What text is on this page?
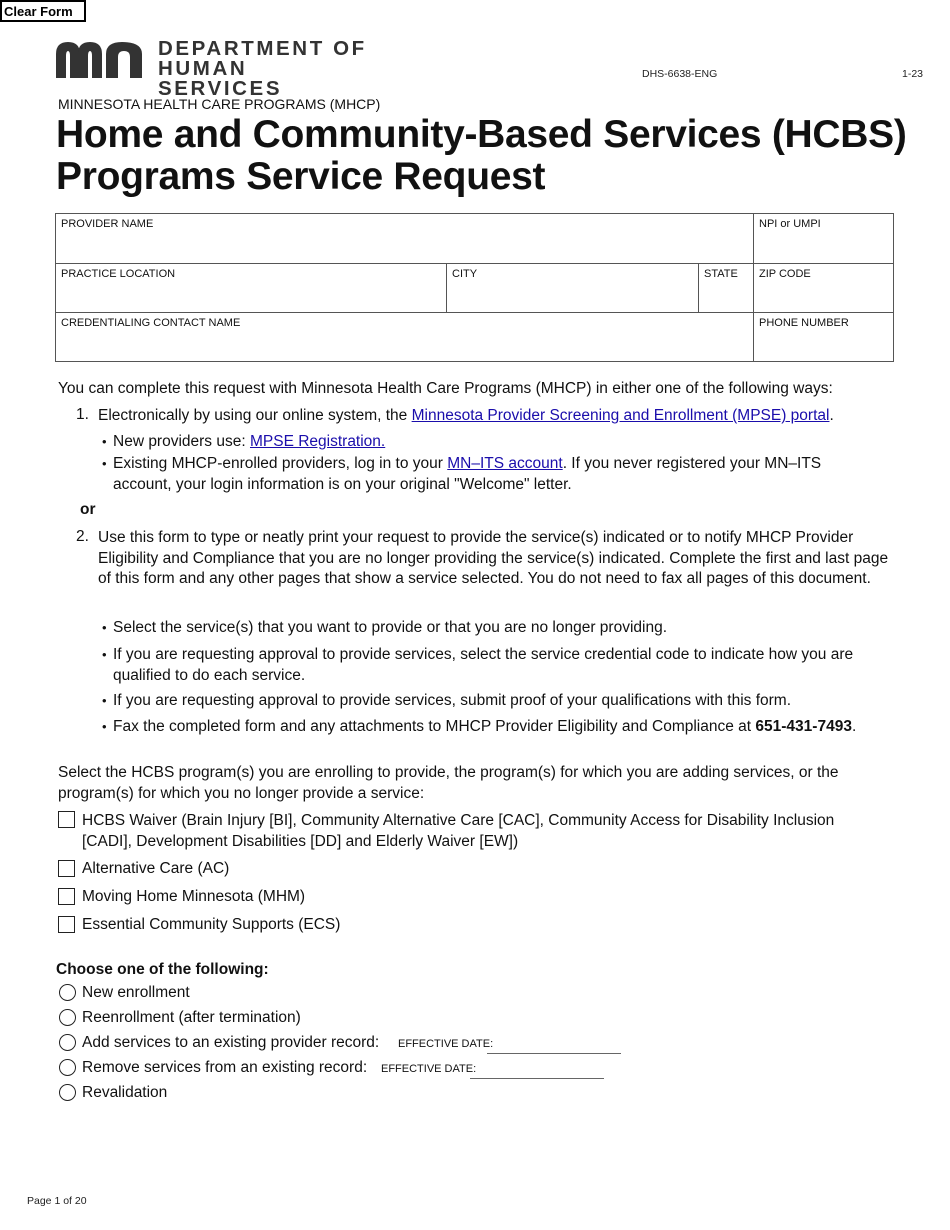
Clear Form
DEPARTMENT OF
HUMAN SERVICES
DHS-6638-ENG	1-23
MINNESOTA HEALTH CARE PROGRAMS (MHCP)
Home and Community-Based Services (HCBS)
Programs Service Request
PROVIDER NAME	NPI or UMPI
PRACTICE LOCATION	CITY	STATE	ZIP CODE
CREDENTIALING CONTACT NAME	PHONE NUMBER
You can complete this request with Minnesota Health Care Programs (MHCP) in either one of the following ways:
1. Electronically by using our online system, the Minnesota Provider Screening and Enrollment (MPSE) portal.
• New providers use: MPSE Registration.
• Existing MHCP-enrolled providers, log in to your MN–ITS account. If you never registered your MN–ITS account, your login information is on your original "Welcome" letter.
or
2. Use this form to type or neatly print your request to provide the service(s) indicated or to notify MHCP Provider Eligibility and Compliance that you are no longer providing the service(s) indicated. Complete the first and last page of this form and any other pages that show a service selected. You do not need to fax all pages of this document.
• Select the service(s) that you want to provide or that you are no longer providing.
• If you are requesting approval to provide services, select the service credential code to indicate how you are qualified to do each service.
• If you are requesting approval to provide services, submit proof of your qualifications with this form.
• Fax the completed form and any attachments to MHCP Provider Eligibility and Compliance at 651-431-7493.
Select the HCBS program(s) you are enrolling to provide, the program(s) for which you are adding services, or the program(s) for which you no longer provide a service:
HCBS Waiver (Brain Injury [BI], Community Alternative Care [CAC], Community Access for Disability Inclusion [CADI], Development Disabilities [DD] and Elderly Waiver [EW])
Alternative Care (AC)
Moving Home Minnesota (MHM)
Essential Community Supports (ECS)
Choose one of the following:
New enrollment
Reenrollment (after termination)
Add services to an existing provider record: EFFECTIVE DATE:
Remove services from an existing record: EFFECTIVE DATE:
Revalidation
Page 1 of 20
